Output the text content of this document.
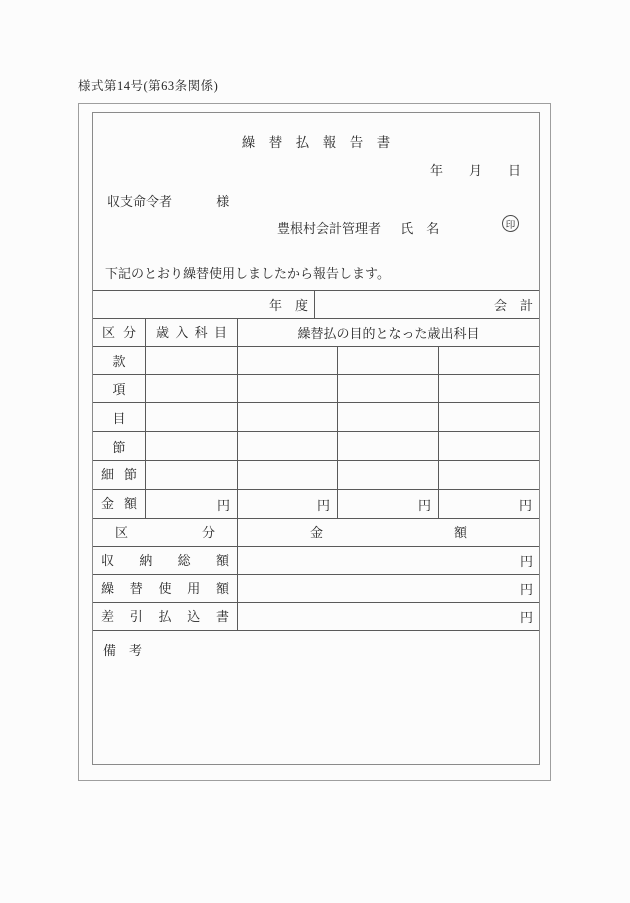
様式第14号(第63条関係)
繰　替　払　報　告　書
年 月 日
収支命令者	様
豊根村会計管理者 氏　名	印
下記のとおり繰替使用しましたから報告します。
年　度	会　計
区 分	歳 入 科 目	繰替払の目的となった歳出科目
款
項
目
節
細 節
金 額	円	円	円	円
区 分	金 額
収 納 総 額	円
繰 替 使 用 額	円
差 引 払 込 書	円
備　考
